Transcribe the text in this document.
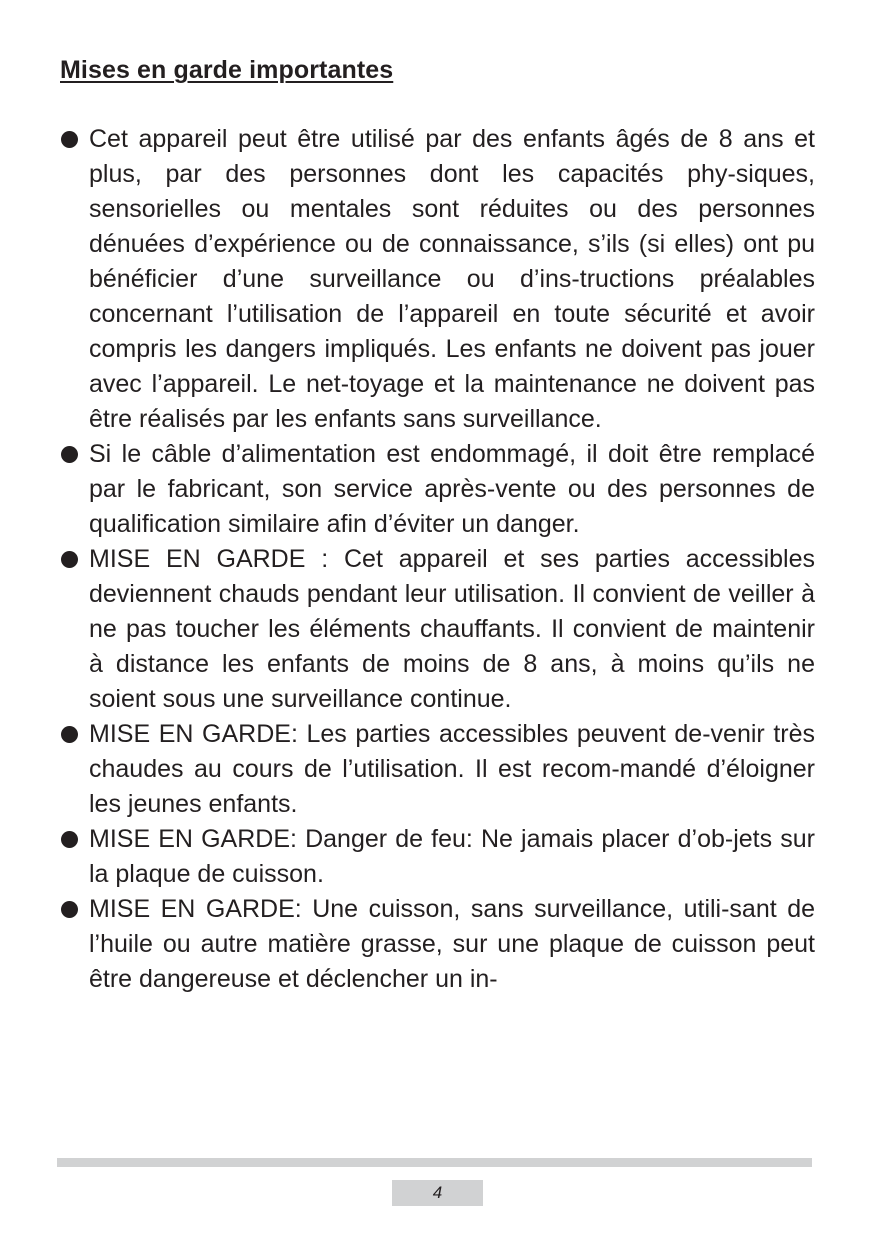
Mises en garde importantes
Cet appareil peut être utilisé par des enfants âgés de 8 ans et plus, par des personnes dont les capacités phy-siques, sensorielles ou mentales sont réduites ou des personnes dénuées d’expérience ou de connaissance, s’ils (si elles) ont pu bénéficier d’une surveillance ou d’ins-tructions préalables concernant l’utilisation de l’appareil en toute sécurité et avoir compris les dangers impliqués. Les enfants ne doivent pas jouer avec l’appareil. Le net-toyage et la maintenance ne doivent pas être réalisés par les enfants sans surveillance.
Si le câble d’alimentation est endommagé, il doit être remplacé par le fabricant, son service après-vente ou des personnes de qualification similaire afin d’éviter un danger.
MISE EN GARDE : Cet appareil et ses parties accessibles deviennent chauds pendant leur utilisation. Il convient de veiller à ne pas toucher les éléments chauffants. Il convient de maintenir à distance les enfants de moins de 8 ans, à moins qu’ils ne soient sous une surveillance continue.
MISE EN GARDE: Les parties accessibles peuvent de-venir très chaudes au cours de l’utilisation. Il est recom-mandé d’éloigner les jeunes enfants.
MISE EN GARDE: Danger de feu: Ne jamais placer d’ob-jets sur la plaque de cuisson.
MISE EN GARDE: Une cuisson, sans surveillance, utili-sant de l’huile ou autre matière grasse, sur une plaque de cuisson peut être dangereuse et déclencher un in-
4
